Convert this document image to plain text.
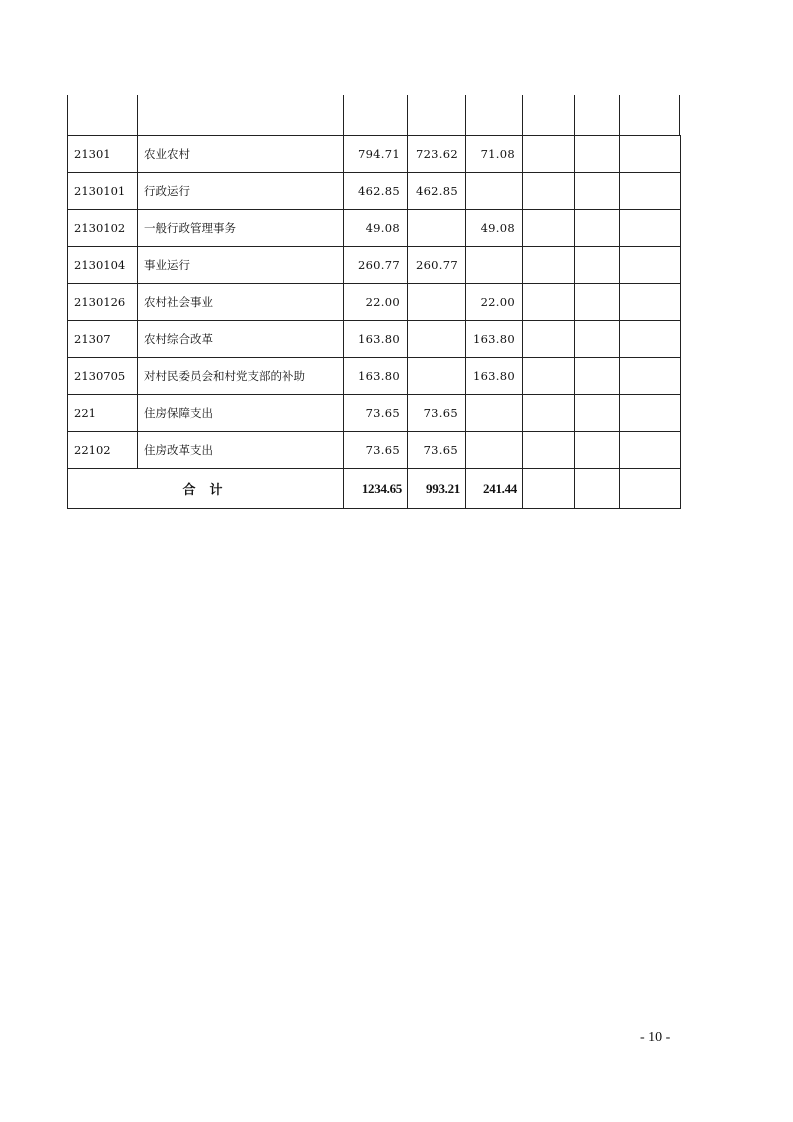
21301	农业农村	794.71	723.62	71.08			
2130101	行政运行	462.85	462.85				
2130102	一般行政管理事务	49.08		49.08			
2130104	事业运行	260.77	260.77				
2130126	农村社会事业	22.00		22.00			
21307	农村综合改革	163.80		163.80			
2130705	对村民委员会和村党支部的补助	163.80		163.80			
221	住房保障支出	73.65	73.65				
22102	住房改革支出	73.65	73.65				
合计		1234.65	993.21	241.44			
- 10 -
